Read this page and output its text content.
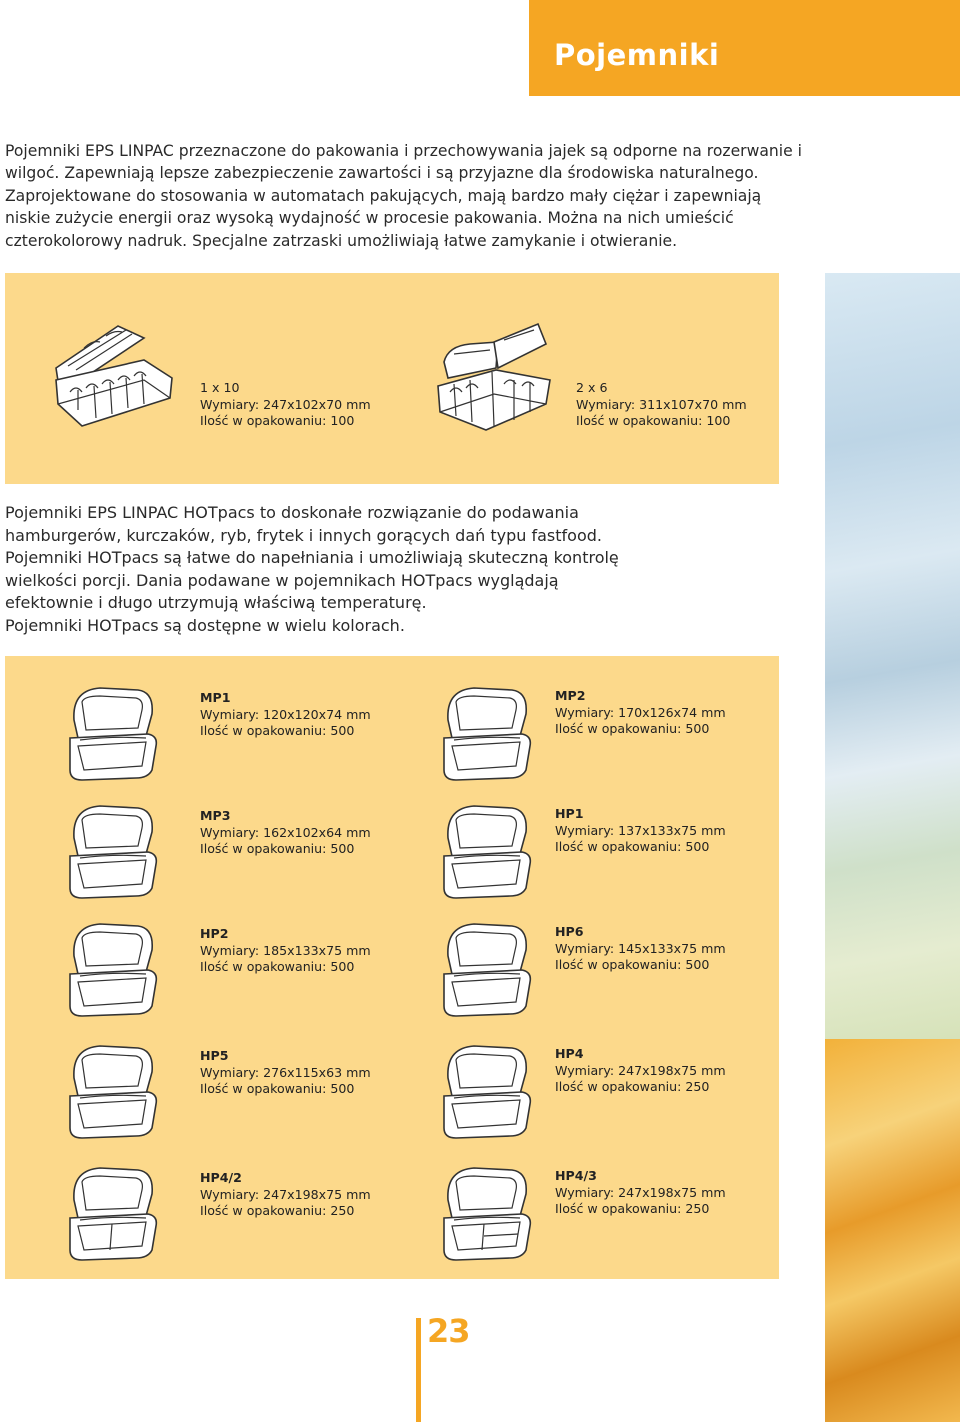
Pojemniki

Pojemniki EPS LINPAC przeznaczone do pakowania i przechowywania jajek są odporne na rozerwanie i wilgoć. Zapewniają lepsze zabezpieczenie zawartości i są przyjazne dla środowiska naturalnego. Zaprojektowane do stosowania w automatach pakujących, mają bardzo mały ciężar i zapewniają niskie zużycie energii oraz wysoką wydajność w procesie pakowania. Można na nich umieścić czterokolorowy nadruk. Specjalne zatrzaski umożliwiają łatwe zamykanie i otwieranie.

1 x 10
Wymiary: 247x102x70 mm
Ilość w opakowaniu: 100
2 x 6
Wymiary: 311x107x70 mm
Ilość w opakowaniu: 100
Pojemniki EPS LINPAC HOTpacs to doskonałe rozwiązanie do podawania
hamburgerów, kurczaków, ryb, frytek i innych gorących dań typu fastfood.
Pojemniki HOTpacs są łatwe do napełniania i umożliwiają skuteczną kontrolę
wielkości porcji. Dania podawane w pojemnikach HOTpacs wyglądają
efektownie i długo utrzymują właściwą temperaturę.
Pojemniki HOTpacs są dostępne w wielu kolorach.
MP1
Wymiary: 120x120x74 mm
Ilość w opakowaniu: 500
MP2
Wymiary: 170x126x74 mm
Ilość w opakowaniu: 500
MP3
Wymiary: 162x102x64 mm
Ilość w opakowaniu: 500
HP1
Wymiary: 137x133x75 mm
Ilość w opakowaniu: 500
HP2
Wymiary: 185x133x75 mm
Ilość w opakowaniu: 500
HP6
Wymiary: 145x133x75 mm
Ilość w opakowaniu: 500
HP5
Wymiary: 276x115x63 mm
Ilość w opakowaniu: 500
HP4
Wymiary: 247x198x75 mm
Ilość w opakowaniu: 250
HP4/2
Wymiary: 247x198x75 mm
Ilość w opakowaniu: 250
HP4/3
Wymiary: 247x198x75 mm
Ilość w opakowaniu: 250
23
